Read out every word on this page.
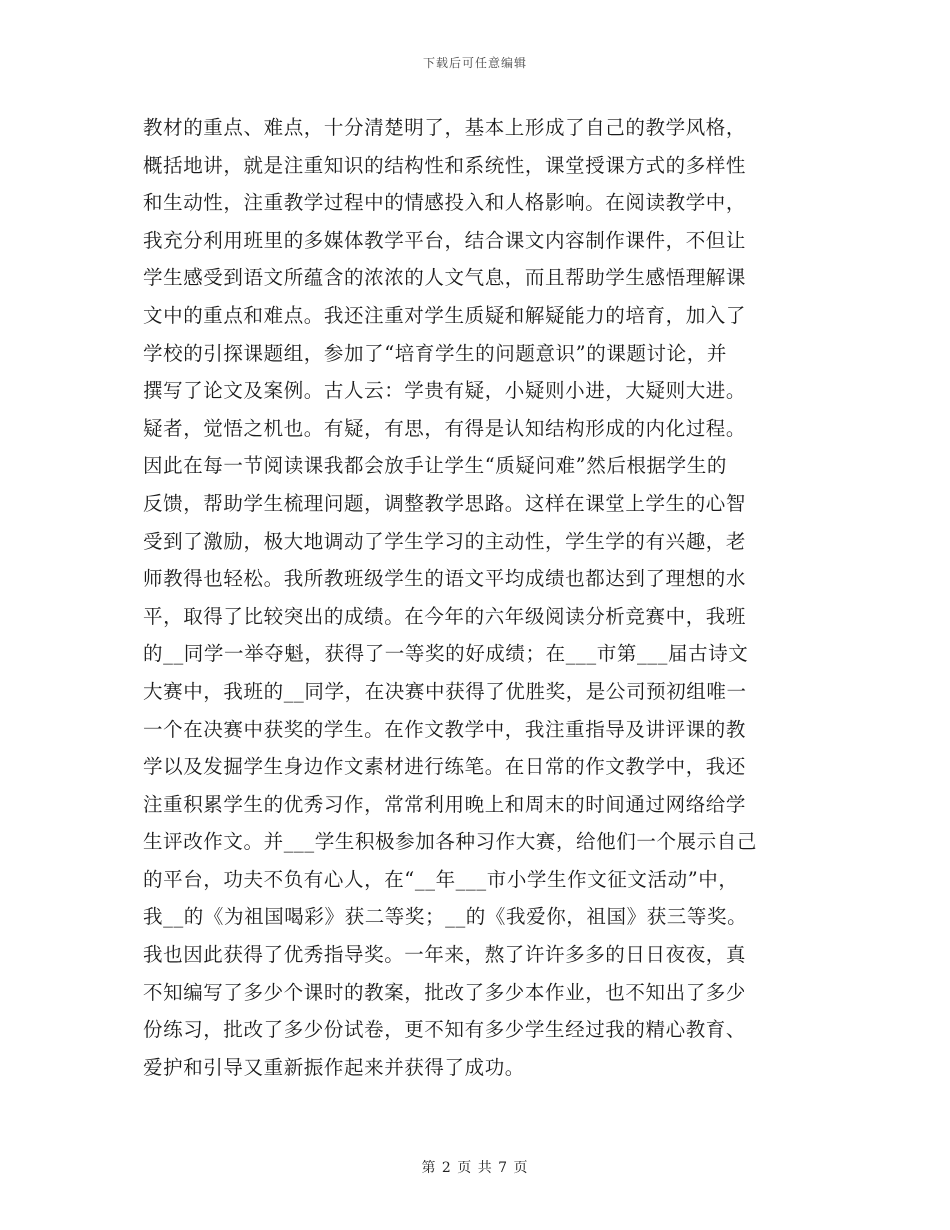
下载后可任意编辑
教材的重点、难点，十分清楚明了，基本上形成了自己的教学风格，
概括地讲，就是注重知识的结构性和系统性，课堂授课方式的多样性
和生动性，注重教学过程中的情感投入和人格影响。在阅读教学中，
我充分利用班里的多媒体教学平台，结合课文内容制作课件，不但让
学生感受到语文所蕴含的浓浓的人文气息，而且帮助学生感悟理解课
文中的重点和难点。我还注重对学生质疑和解疑能力的培育，加入了
学校的引探课题组，参加了“培育学生的问题意识”的课题讨论，并
撰写了论文及案例。古人云：学贵有疑，小疑则小进，大疑则大进。
疑者，觉悟之机也。有疑，有思，有得是认知结构形成的内化过程。
因此在每一节阅读课我都会放手让学生“质疑问难”然后根据学生的
反馈，帮助学生梳理问题，调整教学思路。这样在课堂上学生的心智
受到了激励，极大地调动了学生学习的主动性，学生学的有兴趣，老
师教得也轻松。我所教班级学生的语文平均成绩也都达到了理想的水
平，取得了比较突出的成绩。在今年的六年级阅读分析竞赛中，我班
的__同学一举夺魁，获得了一等奖的好成绩；在___市第___届古诗文
大赛中，我班的__同学，在决赛中获得了优胜奖，是公司预初组唯一
一个在决赛中获奖的学生。在作文教学中，我注重指导及讲评课的教
学以及发掘学生身边作文素材进行练笔。在日常的作文教学中，我还
注重积累学生的优秀习作，常常利用晚上和周末的时间通过网络给学
生评改作文。并___学生积极参加各种习作大赛，给他们一个展示自己
的平台，功夫不负有心人，在“__年___市小学生作文征文活动”中，
我__的《为祖国喝彩》获二等奖；__的《我爱你，祖国》获三等奖。
我也因此获得了优秀指导奖。一年来，熬了许许多多的日日夜夜，真
不知编写了多少个课时的教案，批改了多少本作业，也不知出了多少
份练习，批改了多少份试卷，更不知有多少学生经过我的精心教育、
爱护和引导又重新振作起来并获得了成功。
第 2 页 共 7 页
